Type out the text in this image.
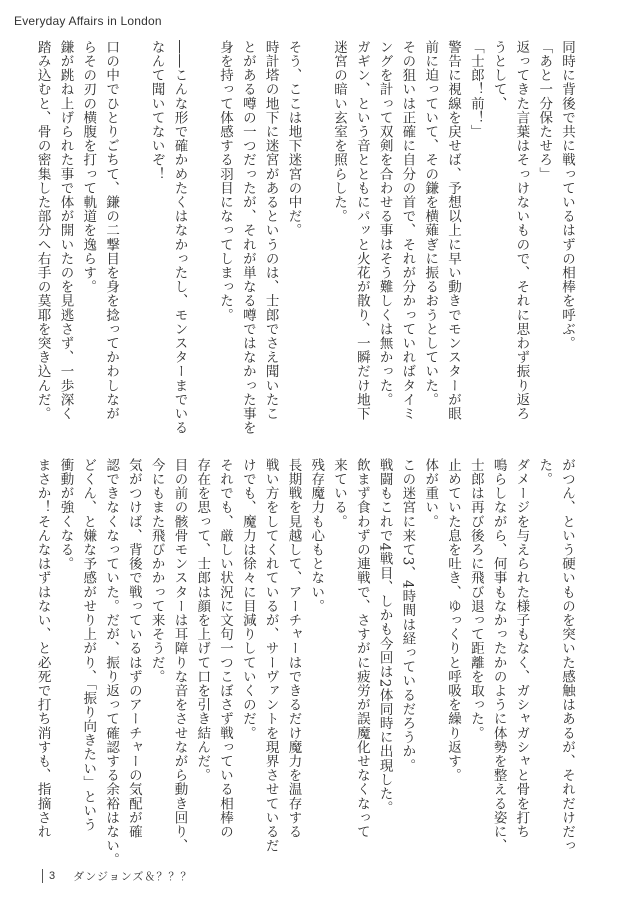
Everyday Affairs in London
同時に背後で共に戦っているはずの相棒を呼ぶ。
「あと一分保たせろ」
返ってきた言葉はそっけないもので、それに思わず振り返ろ
うとして、
「士郎！前！」
警告に視線を戻せば、予想以上に早い動きでモンスターが眼
前に迫っていて、その鎌を横薙ぎに振るおうとしていた。
その狙いは正確に自分の首で、それが分かっていればタイミ
ングを計って双剣を合わせる事はそう難しくは無かった。
ガギン、という音とともにパッと火花が散り、一瞬だけ地下
迷宮の暗い玄室を照らした。

そう、ここは地下迷宮の中だ。
時計塔の地下に迷宮があるというのは、士郎でさえ聞いたこ
とがある噂の一つだったが、それが単なる噂ではなかった事を
身を持って体感する羽目になってしまった。

――こんな形で確かめたくはなかったし、モンスターまでいる
なんて聞いてないぞ！

口の中でひとりごちて、鎌の二撃目を身を捻ってかわしなが
らその刃の横腹を打って軌道を逸らす。
鎌が跳ね上げられた事で体が開いたのを見逃さず、一歩深く
踏み込むと、骨の密集した部分へ右手の莫耶を突き込んだ。
がつん、という硬いものを突いた感触はあるが、それだけだっ
た。
ダメージを与えられた様子もなく、ガシャガシャと骨を打ち
鳴らしながら、何事もなかったかのように体勢を整える姿に、
士郎は再び後ろに飛び退って距離を取った。
止めていた息を吐き、ゆっくりと呼吸を繰り返す。
体が重い。
この迷宮に来て3、4時間は経っているだろうか。
戦闘もこれで4戦目、しかも今回は2体同時に出現した。
飲まず食わずの連戦で、さすがに疲労が誤魔化せなくなって
来ている。
残存魔力も心もとない。
長期戦を見越して、アーチャーはできるだけ魔力を温存する
戦い方をしてくれているが、サーヴァントを現界させているだ
けでも、魔力は徐々に目減りしていくのだ。
それでも、厳しい状況に文句一つこぼさず戦っている相棒の
存在を思って、士郎は顔を上げて口を引き結んだ。
目の前の骸骨モンスターは耳障りな音をさせながら動き回り、
今にもまた飛びかかって来そうだ。
気がつけば、背後で戦っているはずのアーチャーの気配が確
認できなくなっていた。だが、振り返って確認する余裕はない。
どくん、と嫌な予感がせり上がり、「振り向きたい」という
衝動が強くなる。
まさか！そんなはずはない、と必死で打ち消すも、指摘され
3 ダンジョンズ＆？？？
